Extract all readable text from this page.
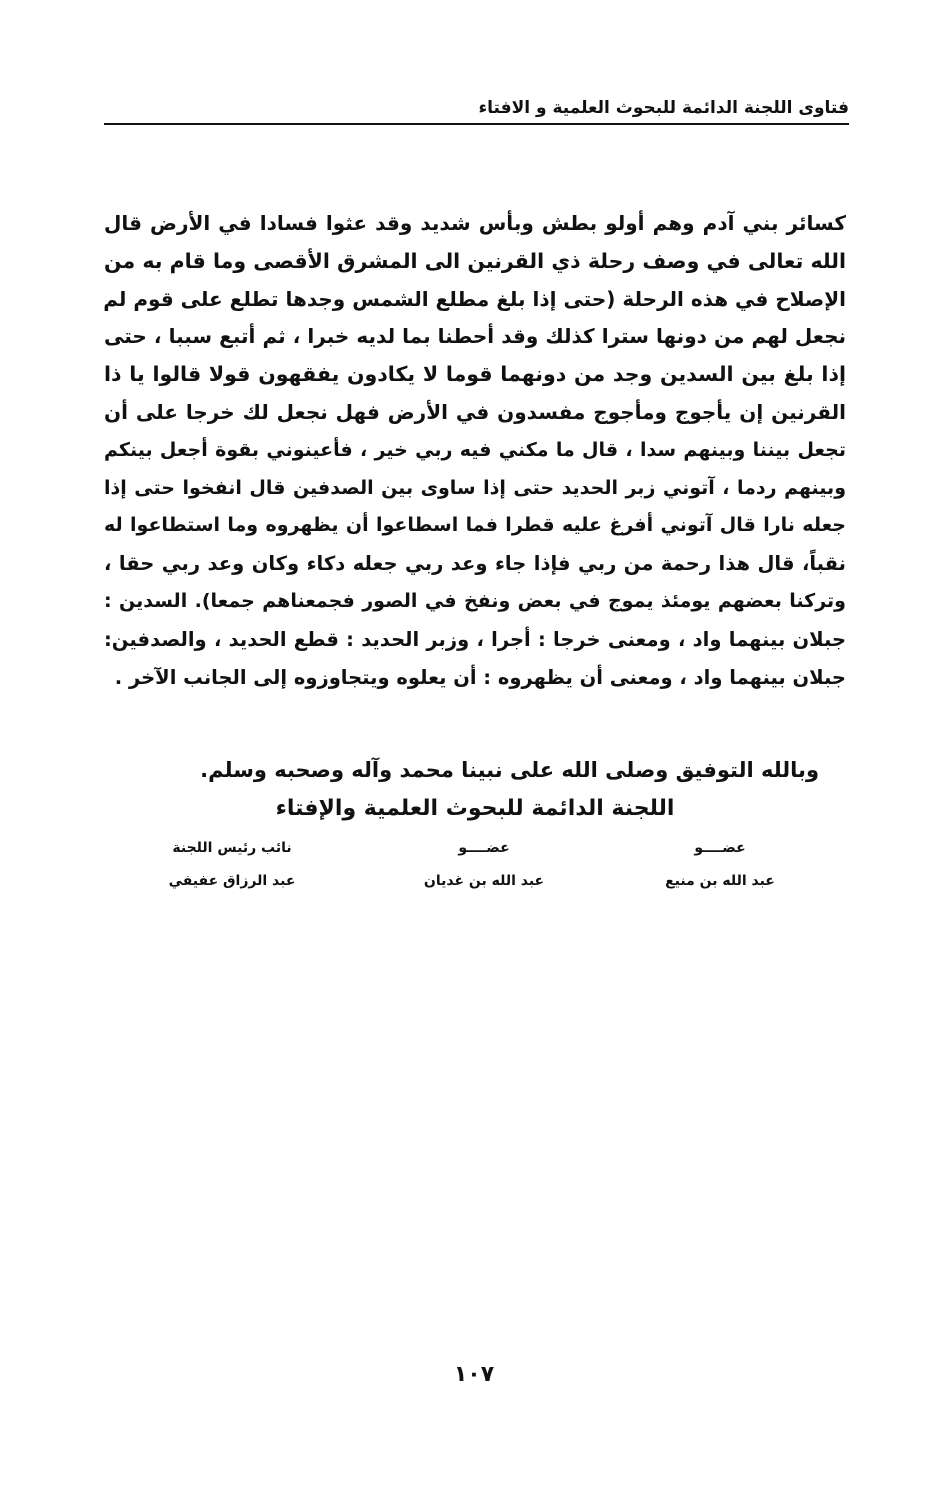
فتاوى اللجنة الدائمة للبحوث العلمية و الافتاء
كسائر بني آدم وهم أولو بطش وبأس شديد وقد عثوا فسادا في الأرض قال
الله تعالى في وصف رحلة ذي القرنين الى المشرق الأقصى وما قام به من
الإصلاح في هذه الرحلة (حتى إذا بلغ مطلع الشمس وجدها تطلع على قوم لم
نجعل لهم من دونها سترا كذلك وقد أحطنا بما لديه خبرا ، ثم أتبع سببا ، حتى
إذا بلغ بين السدين وجد من دونهما قوما لا يكادون يفقهون قولا قالوا يا ذا
القرنين إن يأجوج ومأجوج مفسدون في الأرض فهل نجعل لك خرجا على أن
تجعل بيننا وبينهم سدا ، قال ما مكني فيه ربي خير ، فأعينوني بقوة أجعل بينكم
وبينهم ردما ، آتوني زبر الحديد حتى إذا ساوى بين الصدفين قال انفخوا حتى إذا
جعله نارا قال آتوني أفرغ عليه قطرا فما اسطاعوا أن يظهروه وما استطاعوا له
نقباً، قال هذا رحمة من ربي فإذا جاء وعد ربي جعله دكاء وكان وعد ربي حقا ،
وتركنا بعضهم يومئذ يموج في بعض ونفخ في الصور فجمعناهم جمعا). السدين :
جبلان بينهما واد ، ومعنى خرجا : أجرا ، وزبر الحديد : قطع الحديد ، والصدفين:
جبلان بينهما واد ، ومعنى أن يظهروه : أن يعلوه ويتجاوزوه إلى الجانب الآخر .
وبالله التوفيق وصلى الله على نبينا محمد وآله وصحبه وسلم.
اللجنة الدائمة للبحوث العلمية والإفتاء
عضــــو
عبد الله بن منيع
عضــــو
عبد الله بن غديان
نائب رئيس اللجنة
عبد الرزاق عفيفي
١٠٧
